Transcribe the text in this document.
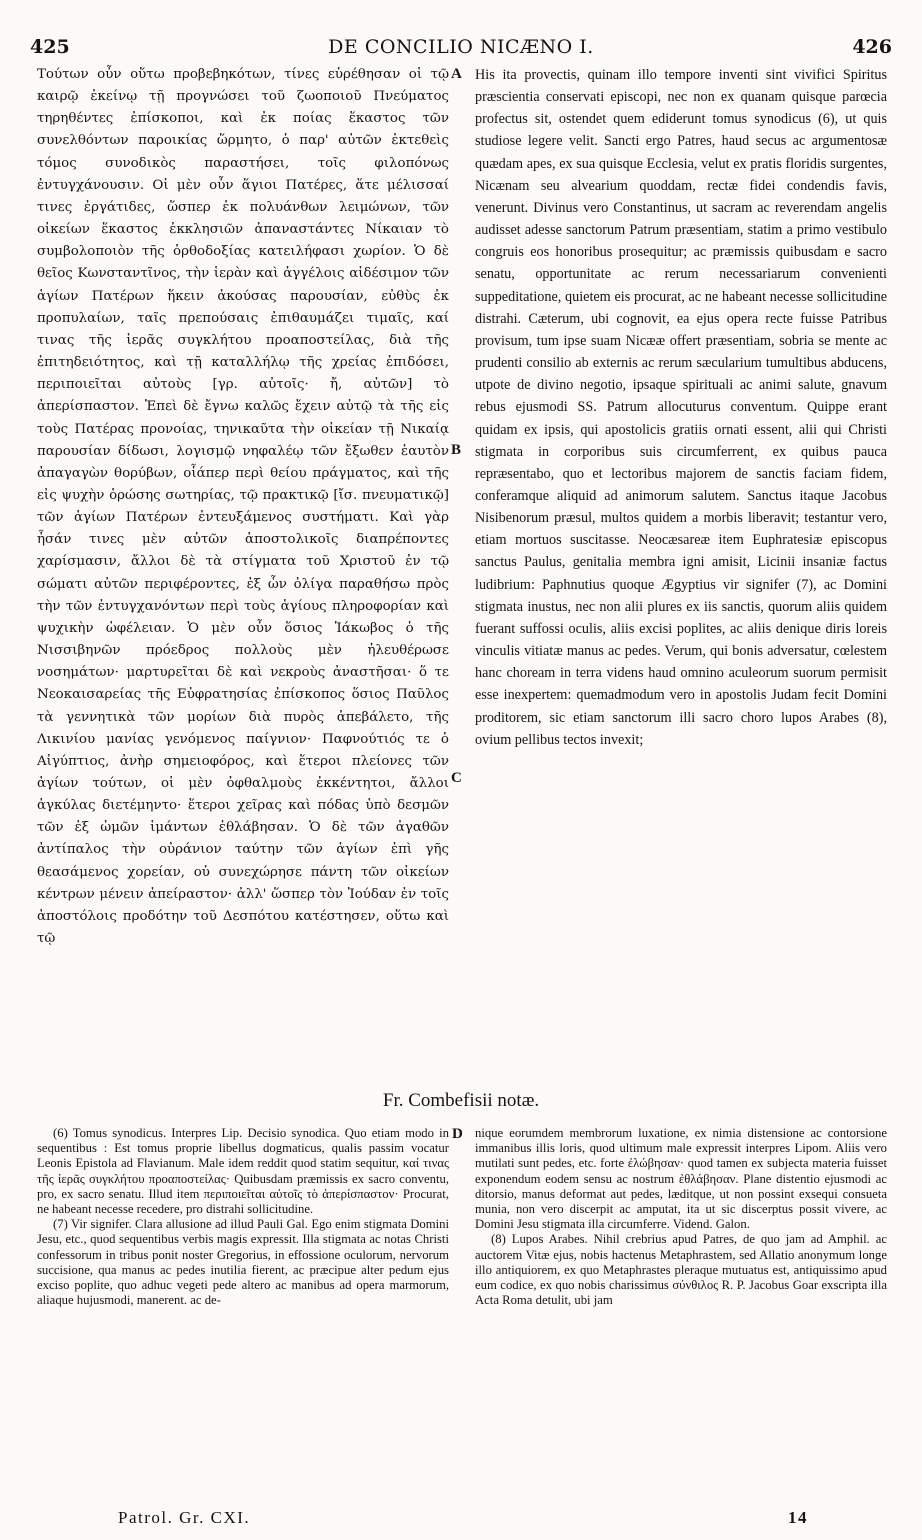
425	DE CONCILIO NICÆNO I.	426

Τούτων οὖν οὕτω προβεβηκότων, τίνες εὑρέθησαν οἱ τῷ καιρῷ ἐκείνῳ τῇ προγνώσει τοῦ ζωοποιοῦ Πνεύματος τηρηθέντες ἐπίσκοποι, καὶ ἐκ ποίας ἕκαστος τῶν συνελθόντων παροικίας ὥρμητο, ὁ παρ' αὐτῶν ἐκτεθεὶς τόμος συνοδικὸς παραστήσει, τοῖς φιλοπόνως ἐντυγχάνουσιν. Οἱ μὲν οὖν ἅγιοι Πατέρες, ἅτε μέλισσαί τινες ἐργάτιδες, ὥσπερ ἐκ πολυάνθων λειμώνων, τῶν οἰκείων ἕκαστος ἐκκλησιῶν ἀπαναστάντες Νίκαιαν τὸ συμβολοποιὸν τῆς ὀρθοδοξίας κατειλήφασι χωρίον. Ὁ δὲ θεῖος Κωνσταντῖνος, τὴν ἱερὰν καὶ ἀγγέλοις αἰδέσιμον τῶν ἁγίων Πατέρων ἥκειν ἀκούσας παρουσίαν, εὐθὺς ἐκ προπυλαίων, ταῖς πρεπούσαις ἐπιθαυμάζει τιμαῖς, καί τινας τῆς ἱερᾶς συγκλήτου προαποστείλας, διὰ τῆς ἐπιτηδειότητος, καὶ τῇ καταλλήλῳ τῆς χρείας ἐπιδόσει, περιποιεῖται αὐτοὺς [γρ. αὐτοῖς· ἤ, αὐτῶν] τὸ ἀπερίσπαστον. Ἐπεὶ δὲ ἔγνω καλῶς ἔχειν αὐτῷ τὰ τῆς εἰς τοὺς Πατέρας προνοίας, τηνικαῦτα τὴν οἰκείαν τῇ Νικαίᾳ παρουσίαν δίδωσι, λογισμῷ νηφαλέῳ τῶν ἔξωθεν ἑαυτὸν ἀπαγαγὼν θορύβων, οἷάπερ περὶ θείου πράγματος, καὶ τῆς εἰς ψυχὴν ὁρώσης σωτηρίας, τῷ πρακτικῷ [ἴσ. πνευματικῷ] τῶν ἁγίων Πατέρων ἐντευξάμενος συστήματι. Καὶ γὰρ ἦσάν τινες μὲν αὐτῶν ἀποστολικοῖς διαπρέποντες χαρίσμασιν, ἄλλοι δὲ τὰ στίγματα τοῦ Χριστοῦ ἐν τῷ σώματι αὐτῶν περιφέροντες, ἐξ ὧν ὀλίγα παραθήσω πρὸς τὴν τῶν ἐντυγχανόντων περὶ τοὺς ἁγίους πληροφορίαν καὶ ψυχικὴν ὠφέλειαν. Ὁ μὲν οὖν ὅσιος Ἰάκωβος ὁ τῆς Νισσιβηνῶν πρόεδρος πολλοὺς μὲν ἠλευθέρωσε νοσημάτων· μαρτυρεῖται δὲ καὶ νεκροὺς ἀναστῆσαι· ὅ τε Νεοκαισαρείας τῆς Εὐφρατησίας ἐπίσκοπος ὅσιος Παῦλος τὰ γεννητικὰ τῶν μορίων διὰ πυρὸς ἀπεβάλετο, τῆς Λικινίου μανίας γενόμενος παίγνιον· Παφνούτιός τε ὁ Αἰγύπτιος, ἀνὴρ σημειοφόρος, καὶ ἕτεροι πλείονες τῶν ἁγίων τούτων, οἱ μὲν ὀφθαλμοὺς ἐκκέντητοι, ἄλλοι ἀγκύλας διετέμηντο· ἕτεροι χεῖρας καὶ πόδας ὑπὸ δεσμῶν τῶν ἐξ ὠμῶν ἱμάντων ἐθλάβησαν. Ὁ δὲ τῶν ἀγαθῶν ἀντίπαλος τὴν οὐράνιον ταύτην τῶν ἁγίων ἐπὶ γῆς θεασάμενος χορείαν, οὐ συνεχώρησε πάντη τῶν οἰκείων κέντρων μένειν ἀπείραστον· ἀλλ' ὥσπερ τὸν Ἰούδαν ἐν τοῖς ἀποστόλοις προδότην τοῦ Δεσπότου κατέστησεν, οὕτω καὶ τῷ

A
B
C

His ita provectis, quinam illo tempore inventi sint vivifici Spiritus præscientia conservati episcopi, nec non ex quanam quisque parœcia profectus sit, ostendet quem ediderunt tomus synodicus (6), ut quis studiose legere velit. Sancti ergo Patres, haud secus ac argumentosæ quædam apes, ex sua quisque Ecclesia, velut ex pratis floridis surgentes, Nicænam seu alvearium quoddam, rectæ fidei condendis favis, venerunt. Divinus vero Constantinus, ut sacram ac reverendam angelis audisset adesse sanctorum Patrum præsentiam, statim a primo vestibulo congruis eos honoribus prosequitur; ac præmissis quibusdam e sacro senatu, opportunitate ac rerum necessariarum convenienti suppeditatione, quietem eis procurat, ac ne habeant necesse sollicitudine distrahi. Cæterum, ubi cognovit, ea ejus opera recte fuisse Patribus provisum, tum ipse suam Nicææ offert præsentiam, sobria se mente ac prudenti consilio ab externis ac rerum sæcularium tumultibus abducens, utpote de divino negotio, ipsaque spirituali ac animi salute, gnavum rebus ejusmodi SS. Patrum allocuturus conventum. Quippe erant quidam ex ipsis, qui apostolicis gratiis ornati essent, alii qui Christi stigmata in corporibus suis circumferrent, ex quibus pauca repræsentabo, quo et lectoribus majorem de sanctis faciam fidem, conferamque aliquid ad animorum salutem. Sanctus itaque Jacobus Nisibenorum præsul, multos quidem a morbis liberavit; testantur vero, etiam mortuos suscitasse. Neocæsareæ item Euphratesiæ episcopus sanctus Paulus, genitalia membra igni amisit, Licinii insaniæ factus ludibrium: Paphnutius quoque Ægyptius vir signifer (7), ac Domini stigmata inustus, nec non alii plures ex iis sanctis, quorum aliis quidem fuerant suffossi oculis, aliis excisi poplites, ac aliis denique diris loreis vinculis vitiatæ manus ac pedes. Verum, qui bonis adversatur, cœlestem hanc choream in terra videns haud omnino aculeorum suorum permisit esse inexpertem: quemadmodum vero in apostolis Judam fecit Domini proditorem, sic etiam sanctorum illi sacro choro lupos Arabes (8), ovium pellibus tectos invexit;

Fr. Combefisii notæ.

(6) Tomus synodicus. Interpres Lip. Decisio synodica. Quo etiam modo in sequentibus : Est tomus proprie libellus dogmaticus, qualis passim vocatur Leonis Epistola ad Flavianum. Male idem reddit quod statim sequitur, καί τινας τῆς ἱερᾶς συγκλήτου προαποστείλας· Quibusdam præmissis ex sacro conventu, pro, ex sacro senatu. Illud item περιποιεῖται αὐτοῖς τὸ ἀπερίσπαστον· Procurat, ne habeant necesse recedere, pro distrahi sollicitudine.

(7) Vir signifer. Clara allusione ad illud Pauli Gal. Ego enim stigmata Domini Jesu, etc., quod sequentibus verbis magis expressit. Illa stigmata ac notas Christi confessorum in tribus ponit noster Gregorius, in effossione oculorum, nervorum succisione, qua manus ac pedes inutilia fierent, ac præcipue alter pedum ejus exciso poplite, quo adhuc vegeti pede altero ac manibus ad opera marmorum, aliaque hujusmodi, manerent. ac de-

D nique eorumdem membrorum luxatione, ex nimia distensione ac contorsione immanibus illis loris, quod ultimum male expressit interpres Lipom. Aliis vero mutilati sunt pedes, etc. forte ἐλώβησαν· quod tamen ex subjecta materia fuisset exponendum eodem sensu ac nostrum ἐθλάβησαν. Plane distentio ejusmodi ac ditorsio, manus deformat aut pedes, læditque, ut non possint exsequi consueta munia, non vero discerpit ac amputat, ita ut sic discerptus possit vivere, ac Domini Jesu stigmata illa circumferre. Vidend. Galon.

(8) Lupos Arabes. Nihil crebrius apud Patres, de quo jam ad Amphil. ac auctorem Vitæ ejus, nobis hactenus Metaphrastem, sed Allatio anonymum longe illo antiquiorem, ex quo Metaphrastes pleraque mutuatus est, antiquissimo apud eum codice, ex quo nobis charissimus σύνθιλος R. P. Jacobus Goar exscripta illa Acta Roma detulit, ubi jam

Patrol. Gr. CXI.	14
